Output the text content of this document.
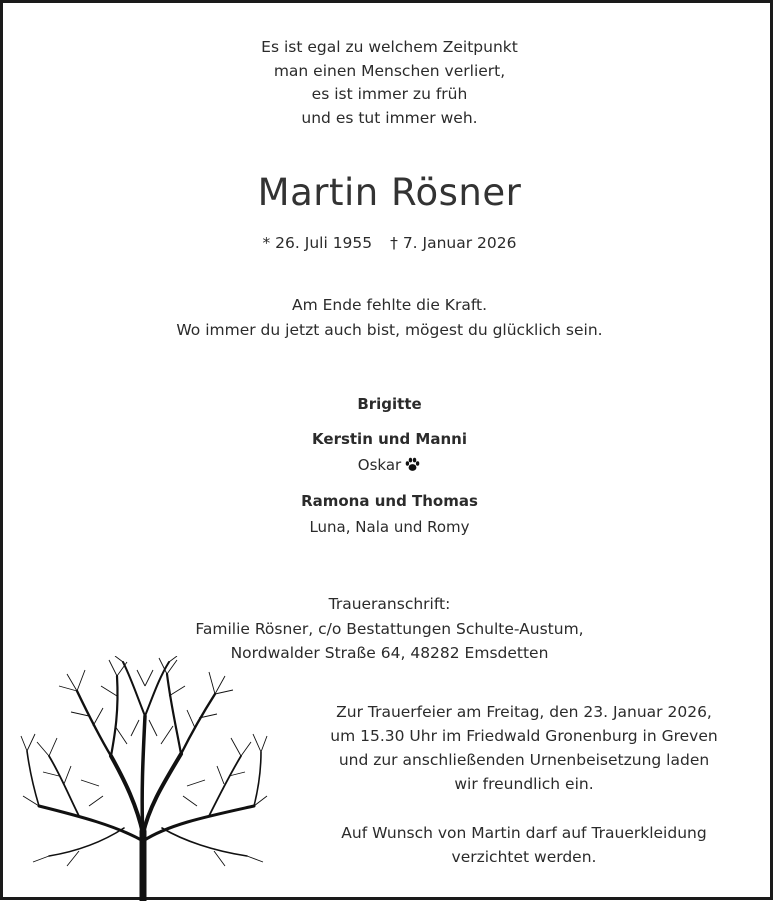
Es ist egal zu welchem Zeitpunkt
man einen Menschen verliert,
es ist immer zu früh
und es tut immer weh.
Martin Rösner
* 26. Juli 1955 † 7. Januar 2026
Am Ende fehlte die Kraft.
Wo immer du jetzt auch bist, mögest du glücklich sein.
Brigitte
Kerstin und Manni
Oskar
Ramona und Thomas
Luna, Nala und Romy
Traueranschrift:
Familie Rösner, c/o Bestattungen Schulte-Austum,
Nordwalder Straße 64, 48282 Emsdetten
Zur Trauerfeier am Freitag, den 23. Januar 2026,
um 15.30 Uhr im Friedwald Gronenburg in Greven
und zur anschließenden Urnenbeisetzung laden
wir freundlich ein.
Auf Wunsch von Martin darf auf Trauerkleidung
verzichtet werden.
